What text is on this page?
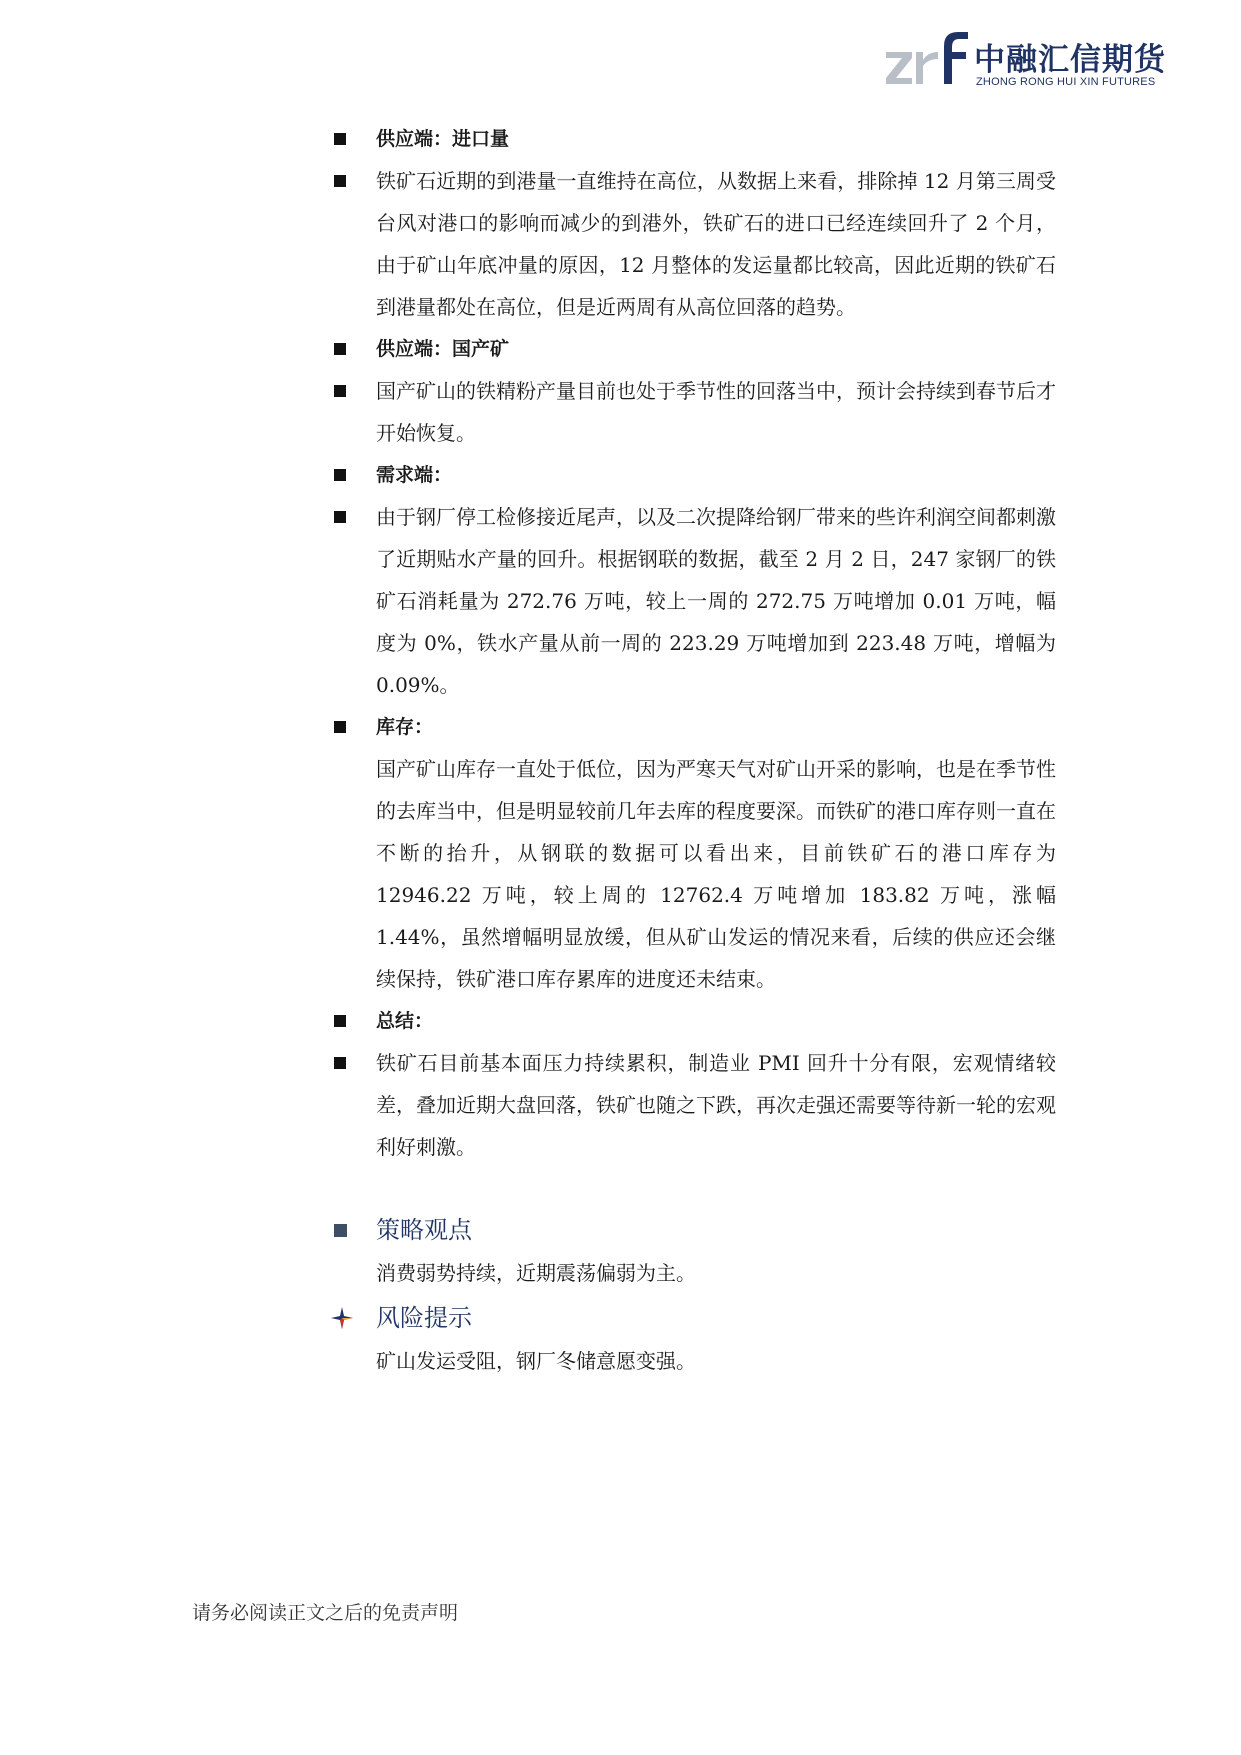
中融汇信期货
ZHONG RONG HUI XIN FUTURES
供应端：进口量
铁矿石近期的到港量一直维持在高位，从数据上来看，排除掉 12 月第三周受台风对港口的影响而减少的到港外，铁矿石的进口已经连续回升了 2 个月，由于矿山年底冲量的原因，12 月整体的发运量都比较高，因此近期的铁矿石到港量都处在高位，但是近两周有从高位回落的趋势。
供应端：国产矿
国产矿山的铁精粉产量目前也处于季节性的回落当中，预计会持续到春节后才开始恢复。
需求端：
由于钢厂停工检修接近尾声，以及二次提降给钢厂带来的些许利润空间都刺激了近期贴水产量的回升。根据钢联的数据，截至 2 月 2 日，247 家钢厂的铁矿石消耗量为 272.76 万吨，较上一周的 272.75 万吨增加 0.01 万吨，幅度为 0%，铁水产量从前一周的 223.29 万吨增加到 223.48 万吨，增幅为 0.09%。
库存：
国产矿山库存一直处于低位，因为严寒天气对矿山开采的影响，也是在季节性的去库当中，但是明显较前几年去库的程度要深。而铁矿的港口库存则一直在不断的抬升，从钢联的数据可以看出来，目前铁矿石的港口库存为 12946.22 万吨，较上周的 12762.4 万吨增加 183.82 万吨，涨幅 1.44%，虽然增幅明显放缓，但从矿山发运的情况来看，后续的供应还会继续保持，铁矿港口库存累库的进度还未结束。
总结：
铁矿石目前基本面压力持续累积，制造业 PMI 回升十分有限，宏观情绪较差，叠加近期大盘回落，铁矿也随之下跌，再次走强还需要等待新一轮的宏观利好刺激。
策略观点
消费弱势持续，近期震荡偏弱为主。
风险提示
矿山发运受阻，钢厂冬储意愿变强。
请务必阅读正文之后的免责声明
